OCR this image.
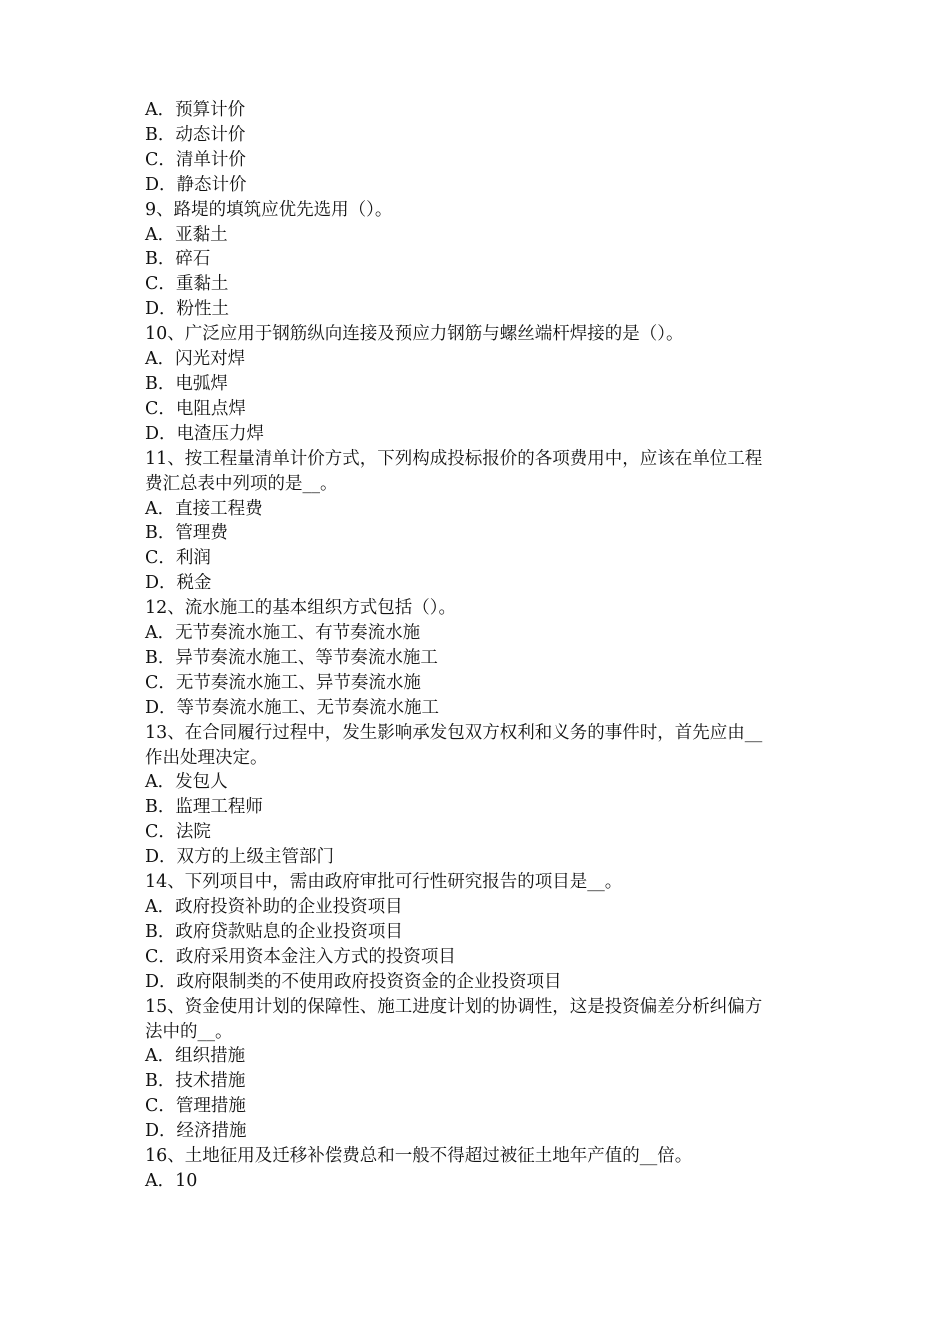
A．预算计价
B．动态计价
C．清单计价
D．静态计价
9、路堤的填筑应优先选用（）。
A．亚黏土
B．碎石
C．重黏土
D．粉性土
10、广泛应用于钢筋纵向连接及预应力钢筋与螺丝端杆焊接的是（）。
A．闪光对焊
B．电弧焊
C．电阻点焊
D．电渣压力焊
11、按工程量清单计价方式，下列构成投标报价的各项费用中，应该在单位工程
费汇总表中列项的是__。
A．直接工程费
B．管理费
C．利润
D．税金
12、流水施工的基本组织方式包括（）。
A．无节奏流水施工、有节奏流水施
B．异节奏流水施工、等节奏流水施工
C．无节奏流水施工、异节奏流水施
D．等节奏流水施工、无节奏流水施工
13、在合同履行过程中，发生影响承发包双方权利和义务的事件时，首先应由__
作出处理决定。
A．发包人
B．监理工程师
C．法院
D．双方的上级主管部门
14、下列项目中，需由政府审批可行性研究报告的项目是__。
A．政府投资补助的企业投资项目
B．政府贷款贴息的企业投资项目
C．政府采用资本金注入方式的投资项目
D．政府限制类的不使用政府投资资金的企业投资项目
15、资金使用计划的保障性、施工进度计划的协调性，这是投资偏差分析纠偏方
法中的__。
A．组织措施
B．技术措施
C．管理措施
D．经济措施
16、土地征用及迁移补偿费总和一般不得超过被征土地年产值的__倍。
A．10
